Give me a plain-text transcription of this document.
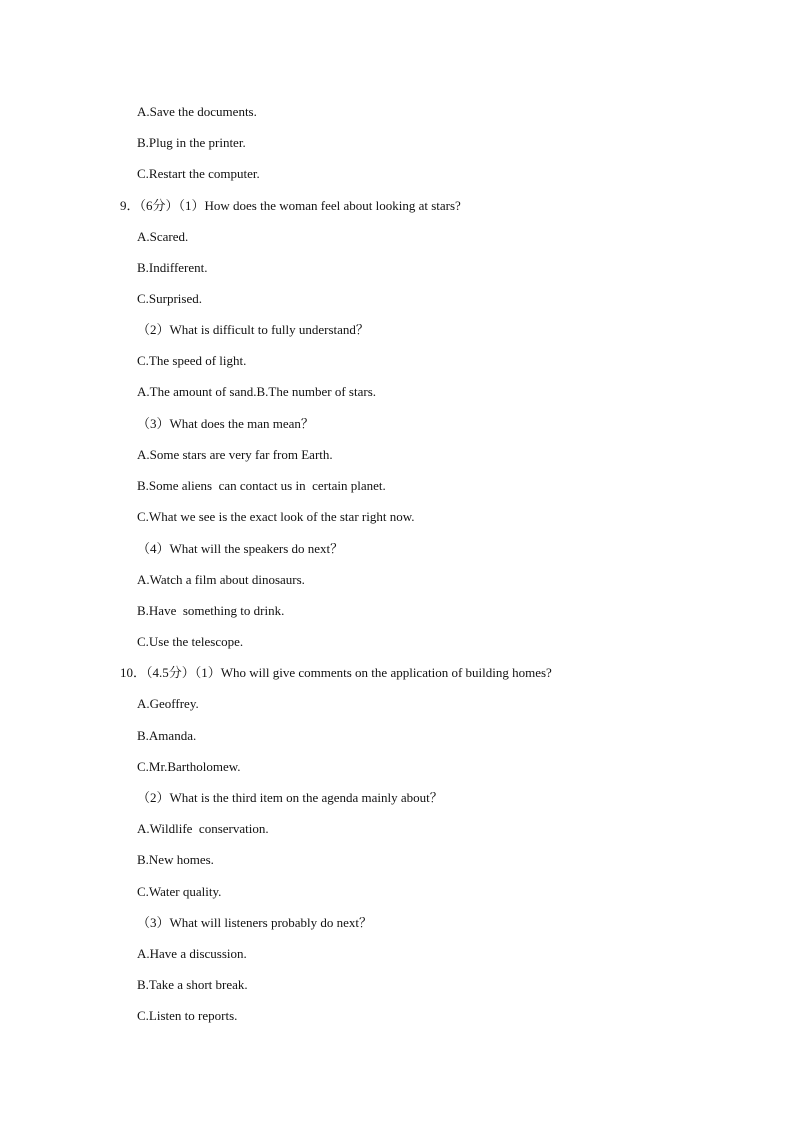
A.Save the documents.
B.Plug in the printer.
C.Restart the computer.
9．（6分）（1）How does the woman feel about looking at stars?
A.Scared.
B.Indifferent.
C.Surprised.
（2）What is difficult to fully understand？
C.The speed of light.
A.The amount of sand.B.The number of stars.
（3）What does the man mean？
A.Some stars are very far from Earth.
B.Some aliens  can contact us in  certain planet.
C.What we see is the exact look of the star right now.
（4）What will the speakers do next？
A.Watch a film about dinosaurs.
B.Have  something to drink.
C.Use the telescope.
10．（4.5分）（1）Who will give comments on the application of building homes?
A.Geoffrey.
B.Amanda.
C.Mr.Bartholomew.
（2）What is the third item on the agenda mainly about？
A.Wildlife  conservation.
B.New homes.
C.Water quality.
（3）What will listeners probably do next？
A.Have a discussion.
B.Take a short break.
C.Listen to reports.
